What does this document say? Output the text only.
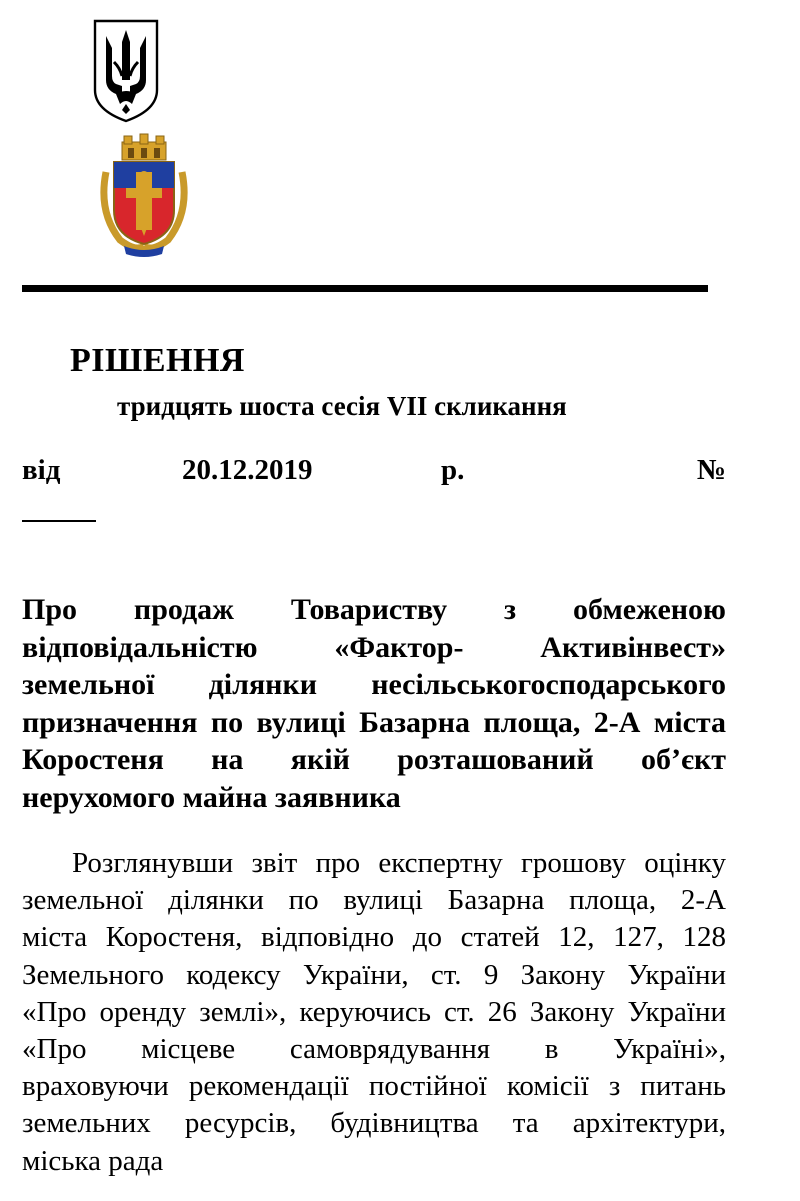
РІШЕННЯ

тридцять шоста сесія VII скликання

від	20.12.2019	р.	№

Про продаж Товариству з обмеженою
відповідальністю «Фактор- Активінвест»
земельної ділянки несільськогосподарського
призначення по вулиці Базарна площа, 2-А міста
Коростеня на якій розташований об’єкт
нерухомого майна заявника

Розглянувши звіт про експертну грошову оцінку
земельної ділянки по вулиці Базарна площа, 2-А
міста Коростеня, відповідно до статей 12, 127, 128
Земельного кодексу України, ст. 9 Закону України
«Про оренду землі», керуючись ст. 26 Закону України
«Про місцеве самоврядування в Україні»,
враховуючи рекомендації постійної комісії з питань
земельних ресурсів, будівництва та архітектури,
міська рада
